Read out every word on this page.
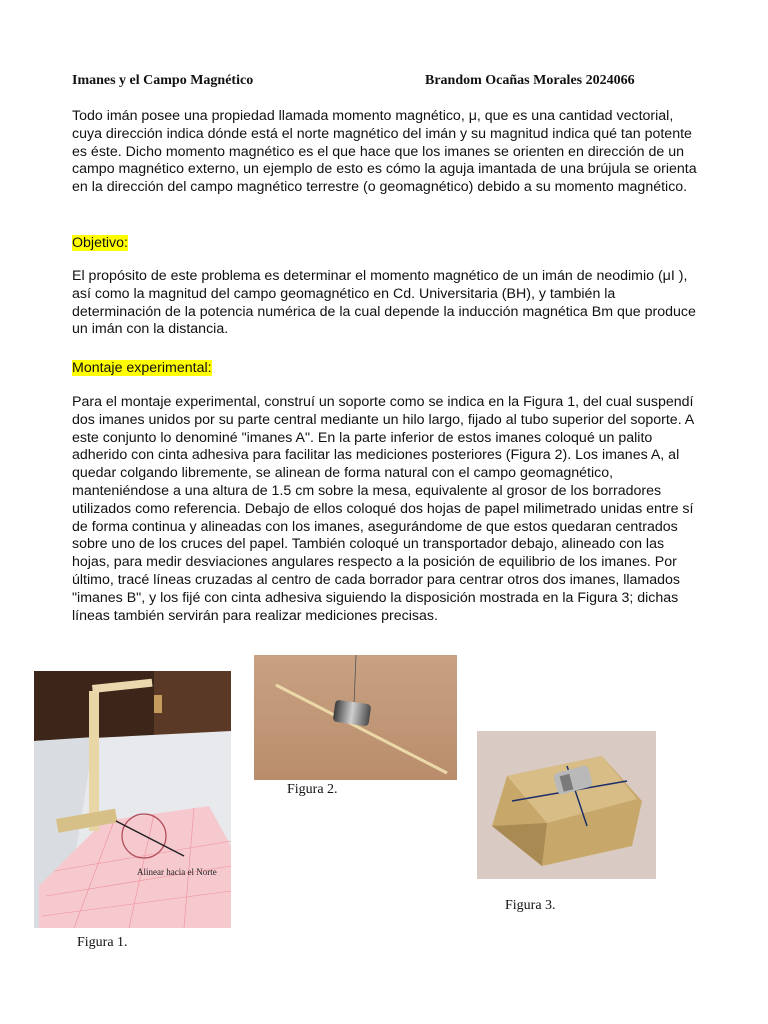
Imanes y el Campo Magnético	Brandom Ocañas Morales 2024066

Todo imán posee una propiedad llamada momento magnético, μ, que es una cantidad vectorial, cuya dirección indica dónde está el norte magnético del imán y su magnitud indica qué tan potente es éste. Dicho momento magnético es el que hace que los imanes se orienten en dirección de un campo magnético externo, un ejemplo de esto es cómo la aguja imantada de una brújula se orienta en la dirección del campo magnético terrestre (o geomagnético) debido a su momento magnético.

Objetivo:

El propósito de este problema es determinar el momento magnético de un imán de neodimio (μI ), así como la magnitud del campo geomagnético en Cd. Universitaria (BH), y también la determinación de la potencia numérica de la cual depende la inducción magnética Bm que produce un imán con la distancia.

Montaje experimental:

Para el montaje experimental, construí un soporte como se indica en la Figura 1, del cual suspendí dos imanes unidos por su parte central mediante un hilo largo, fijado al tubo superior del soporte. A este conjunto lo denominé "imanes A". En la parte inferior de estos imanes coloqué un palito adherido con cinta adhesiva para facilitar las mediciones posteriores (Figura 2). Los imanes A, al quedar colgando libremente, se alinean de forma natural con el campo geomagnético, manteniéndose a una altura de 1.5 cm sobre la mesa, equivalente al grosor de los borradores utilizados como referencia. Debajo de ellos coloqué dos hojas de papel milimetrado unidas entre sí de forma continua y alineadas con los imanes, asegurándome de que estos quedaran centrados sobre uno de los cruces del papel. También coloqué un transportador debajo, alineado con las hojas, para medir desviaciones angulares respecto a la posición de equilibrio de los imanes. Por último, tracé líneas cruzadas al centro de cada borrador para centrar otros dos imanes, llamados "imanes B", y los fijé con cinta adhesiva siguiendo la disposición mostrada en la Figura 3; dichas líneas también servirán para realizar mediciones precisas.

Alinear hacia el Norte
Figura 1.
Figura 2.
Figura 3.
